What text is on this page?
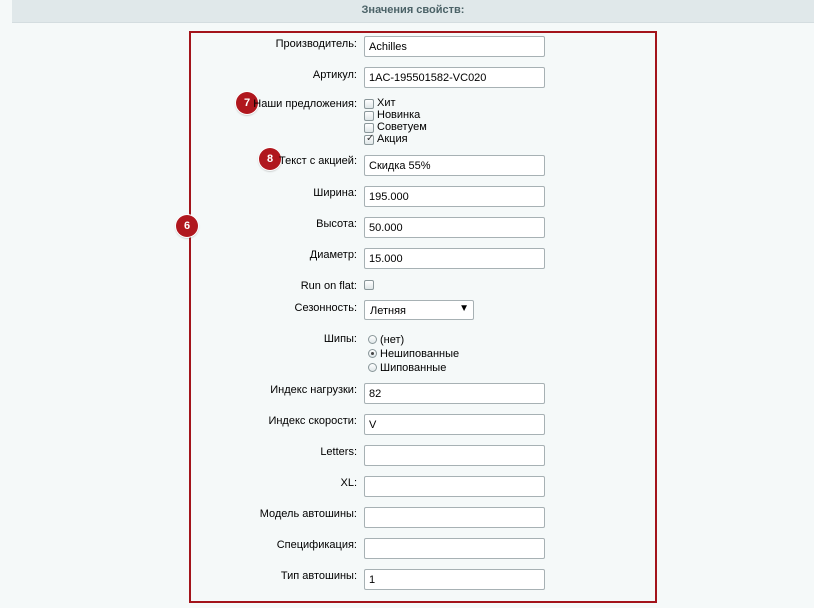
Значения свойств:
6
7
8
Производитель:
Achilles
Артикул:
1AC-195501582-VC020
Наши предложения: Хит
Новинка
Советуем
✓ Акция
Текст с акцией:
Скидка 55%
Ширина:
195.000
Высота:
50.000
Диаметр:
15.000
Run on flat:
Сезонность: Летняя	▼
Шипы: (нет)
Нешипованные
Шипованные
Индекс нагрузки:
82
Индекс скорости:
V
Letters:
XL:
Модель автошины:
Спецификация:
Тип автошины:
1
